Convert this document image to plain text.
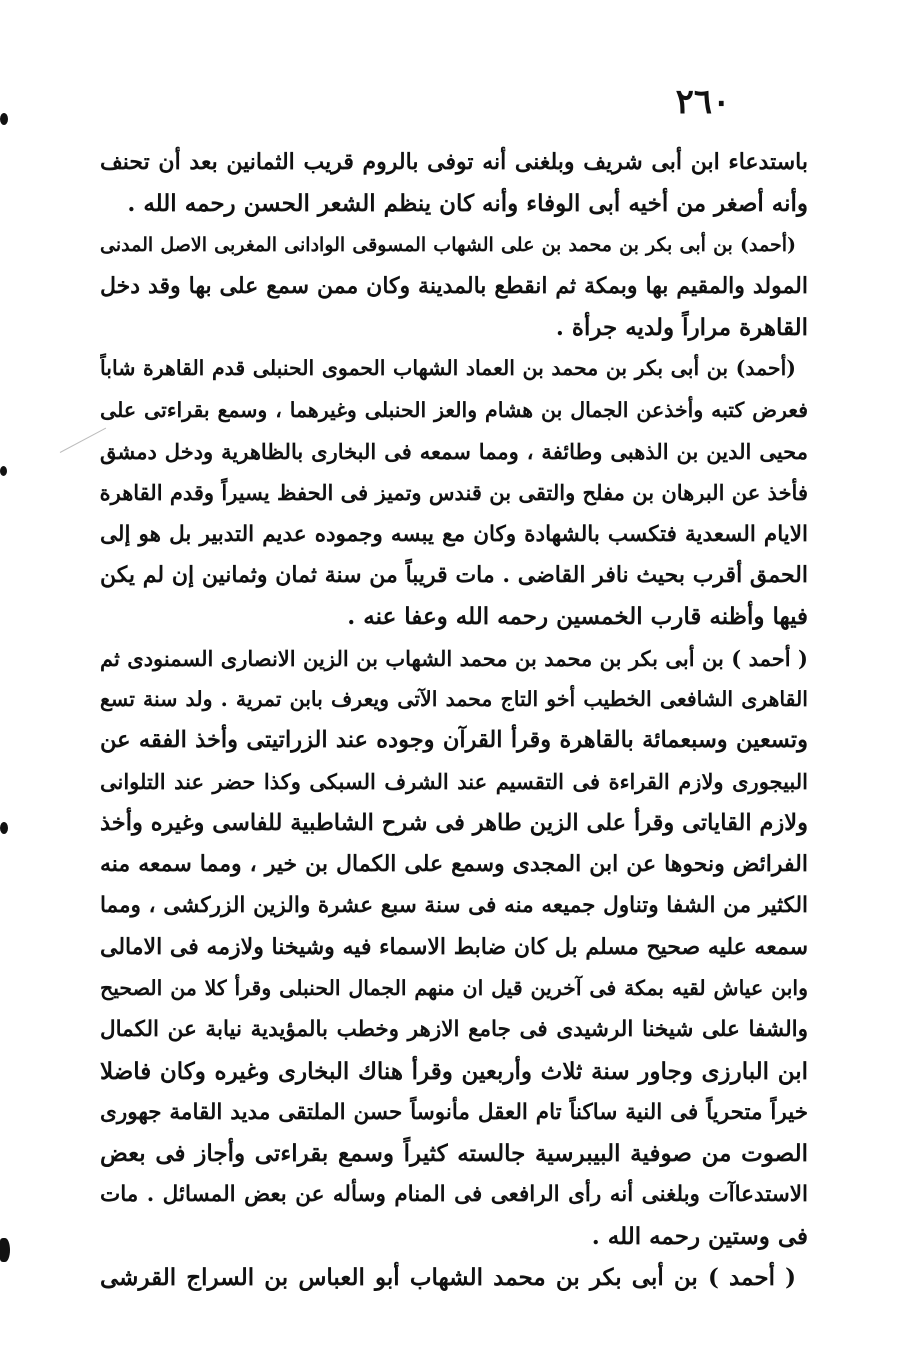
٢٦٠
باستدعاء ابن أبى شريف وبلغنى أنه توفى بالروم قريب الثمانين بعد أن تحنف
وأنه أصغر من أخيه أبى الوفاء وأنه كان ينظم الشعر الحسن رحمه الله .
(أحمد) بن أبى بكر بن محمد بن على الشهاب المسوقى الوادانى المغربى الاصل المدنى
المولد والمقيم بها وبمكة ثم انقطع بالمدينة وكان ممن سمع على بها وقد دخل
القاهرة مراراً ولديه جرأة .
(أحمد) بن أبى بكر بن محمد بن العماد الشهاب الحموى الحنبلى قدم القاهرة شاباً
فعرض كتبه وأخذعن الجمال بن هشام والعز الحنبلى وغيرهما ، وسمع بقراءتى على
محيى الدين بن الذهبى وطائفة ، ومما سمعه فى البخارى بالظاهرية ودخل دمشق
فأخذ عن البرهان بن مفلح والتقى بن قندس وتميز فى الحفظ يسيراً وقدم القاهرة
الايام السعدية فتكسب بالشهادة وكان مع يبسه وجموده عديم التدبير بل هو إلى
الحمق أقرب بحيث نافر القاضى . مات قريباً من سنة ثمان وثمانين إن لم يكن
فيها وأظنه قارب الخمسين رحمه الله وعفا عنه .
( أحمد ) بن أبى بكر بن محمد بن محمد الشهاب بن الزين الانصارى السمنودى ثم
القاهرى الشافعى الخطيب أخو التاج محمد الآتى ويعرف بابن تمرية . ولد سنة تسع
وتسعين وسبعمائة بالقاهرة وقرأ القرآن وجوده عند الزراتيتى وأخذ الفقه عن
البيجورى ولازم القراءة فى التقسيم عند الشرف السبكى وكذا حضر عند التلوانى
ولازم القاياتى وقرأ على الزين طاهر فى شرح الشاطبية للفاسى وغيره وأخذ
الفرائض ونحوها عن ابن المجدى وسمع على الكمال بن خير ، ومما سمعه منه
الكثير من الشفا وتناول جميعه منه فى سنة سبع عشرة والزين الزركشى ، ومما
سمعه عليه صحيح مسلم بل كان ضابط الاسماء فيه وشيخنا ولازمه فى الامالى
وابن عياش لقيه بمكة فى آخرين قيل ان منهم الجمال الحنبلى وقرأ كلا من الصحيح
والشفا على شيخنا الرشيدى فى جامع الازهر وخطب بالمؤيدية نيابة عن الكمال
ابن البارزى وجاور سنة ثلاث وأربعين وقرأ هناك البخارى وغيره وكان فاضلا
خيراً متحرياً فى النية ساكناً تام العقل مأنوساً حسن الملتقى مديد القامة جهورى
الصوت من صوفية البيبرسية جالسته كثيراً وسمع بقراءتى وأجاز فى بعض
الاستدعاآت وبلغنى أنه رأى الرافعى فى المنام وسأله عن بعض المسائل . مات
فى وستين رحمه الله .
( أحمد ) بن أبى بكر بن محمد الشهاب أبو العباس بن السراج القرشى
